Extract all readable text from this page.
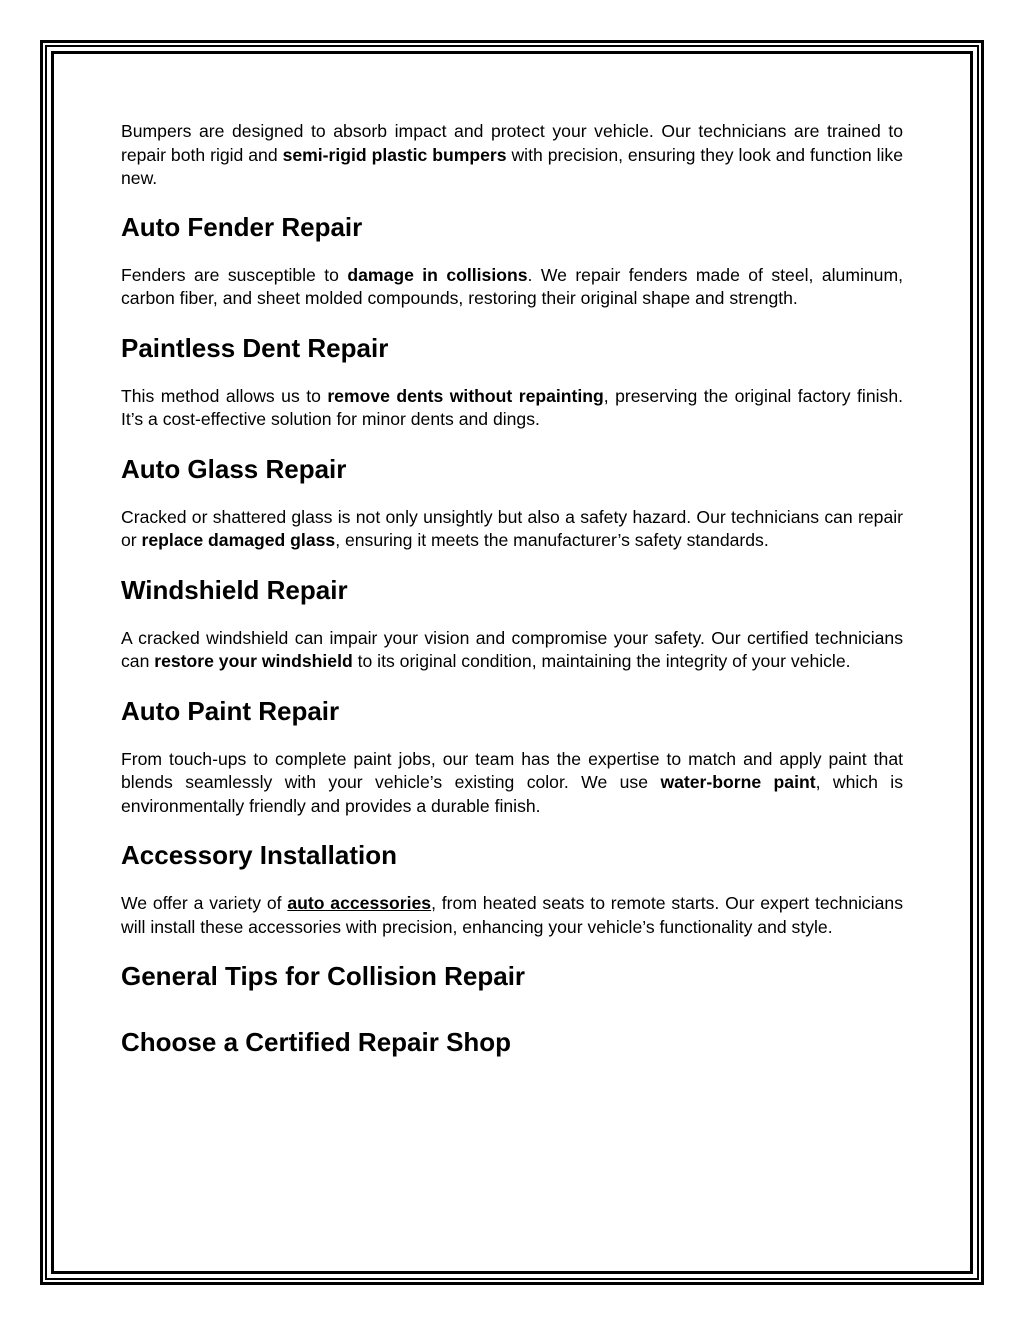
Bumpers are designed to absorb impact and protect your vehicle. Our technicians are trained to repair both rigid and semi-rigid plastic bumpers with precision, ensuring they look and function like new.

Auto Fender Repair

Fenders are susceptible to damage in collisions. We repair fenders made of steel, aluminum, carbon fiber, and sheet molded compounds, restoring their original shape and strength.

Paintless Dent Repair

This method allows us to remove dents without repainting, preserving the original factory finish. It’s a cost-effective solution for minor dents and dings.

Auto Glass Repair

Cracked or shattered glass is not only unsightly but also a safety hazard. Our technicians can repair or replace damaged glass, ensuring it meets the manufacturer’s safety standards.

Windshield Repair

A cracked windshield can impair your vision and compromise your safety. Our certified technicians can restore your windshield to its original condition, maintaining the integrity of your vehicle.

Auto Paint Repair

From touch-ups to complete paint jobs, our team has the expertise to match and apply paint that blends seamlessly with your vehicle’s existing color. We use water-borne paint, which is environmentally friendly and provides a durable finish.

Accessory Installation

We offer a variety of auto accessories, from heated seats to remote starts. Our expert technicians will install these accessories with precision, enhancing your vehicle’s functionality and style.

General Tips for Collision Repair
Choose a Certified Repair Shop
